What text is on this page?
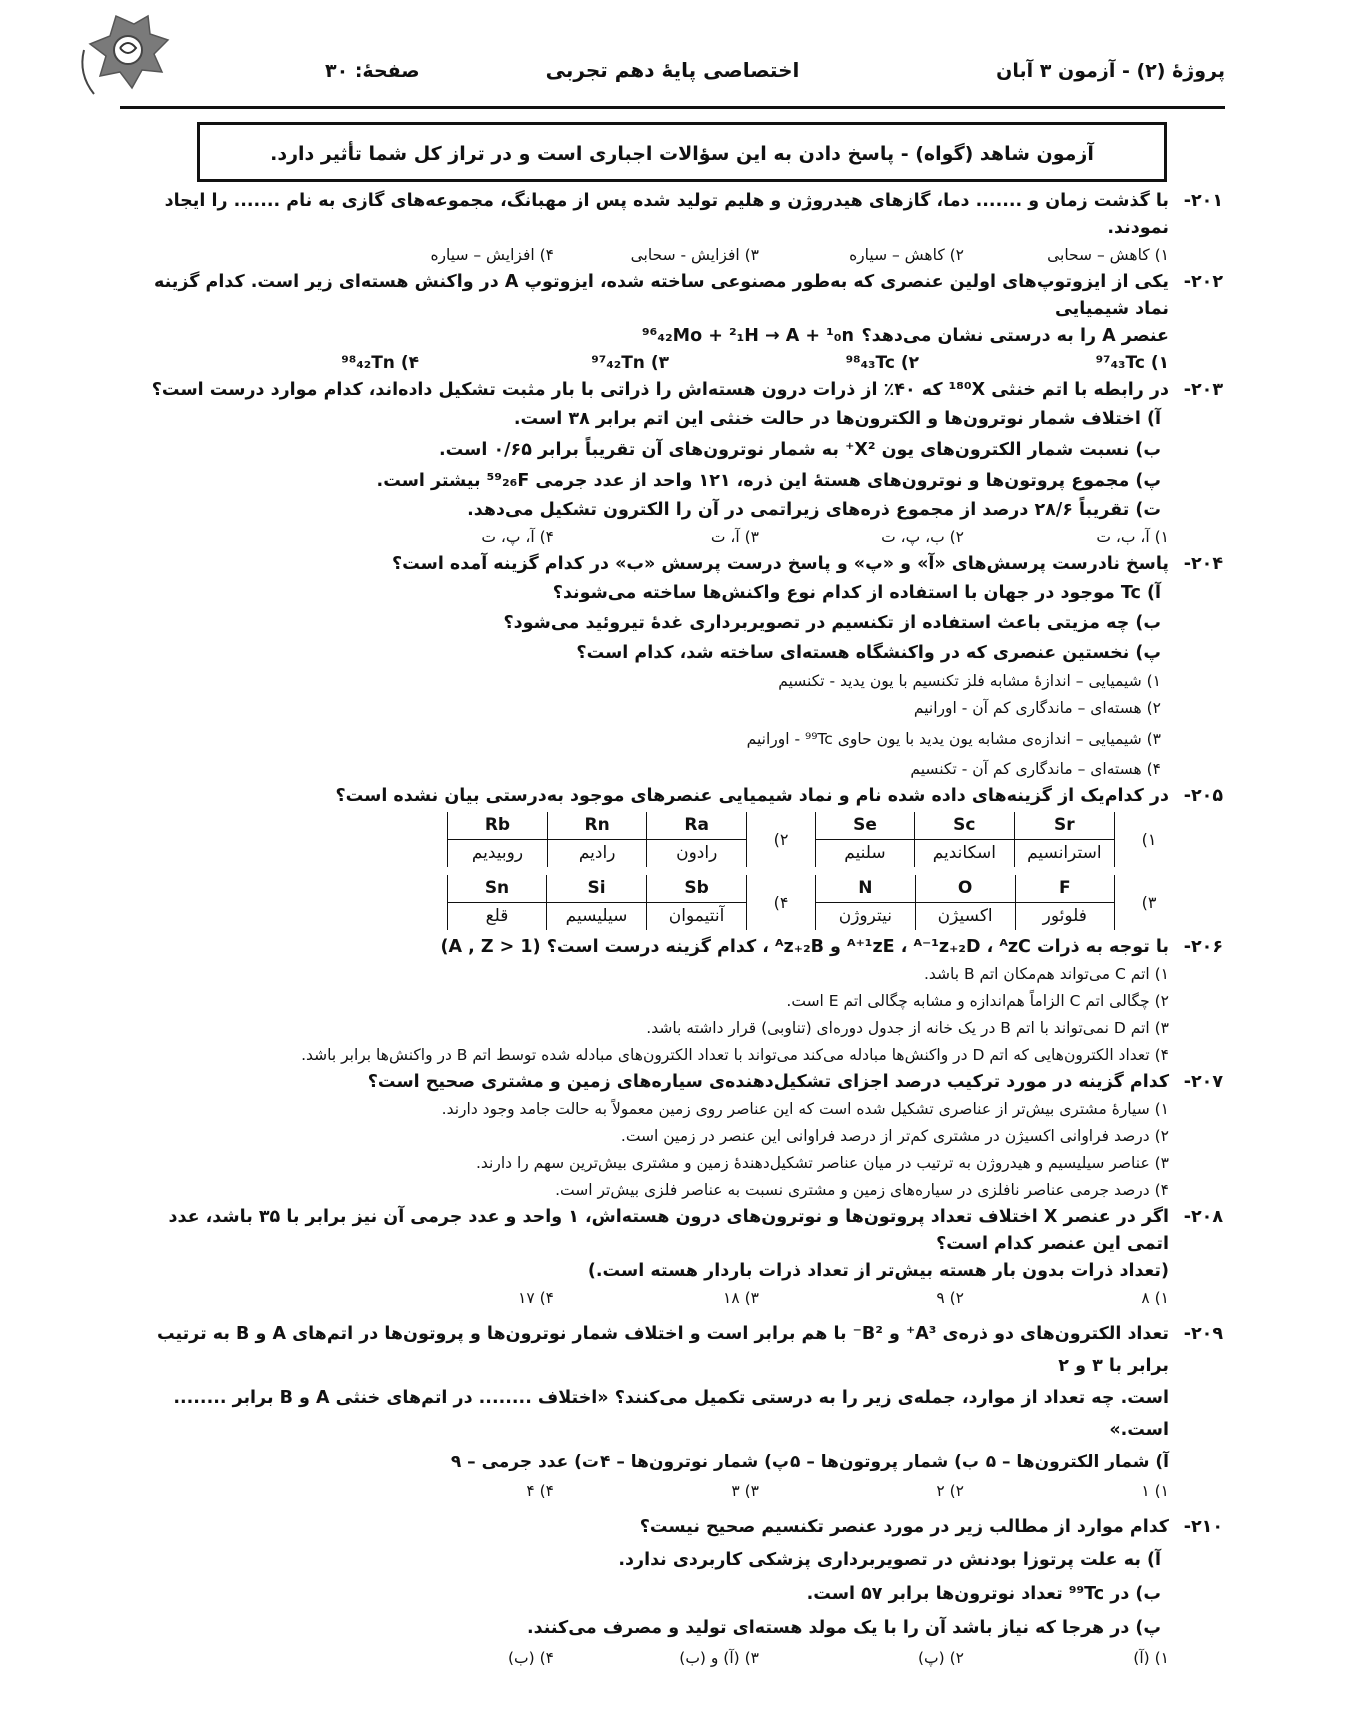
پروژهٔ (۲) - آزمون ۳ آبان
اختصاصی پایهٔ دهم تجربی
صفحهٔ: ۳۰
آزمون شاهد (گواه) - پاسخ دادن به این سؤالات اجباری است و در تراز کل شما تأثیر دارد.
۲۰۱-
با گذشت زمان و ....... دما، گازهای هیدروژن و هلیم تولید شده پس از مهبانگ، مجموعه‌های گازی به نام ....... را ایجاد نمودند.
۱) کاهش – سحابی
۲) کاهش – سیاره
۳) افزایش - سحابی
۴) افزایش – سیاره
۲۰۲-
یکی از ایزوتوپ‌های اولین عنصری که به‌طور مصنوعی ساخته شده، ایزوتوپ A در واکنش هسته‌ای زیر است. کدام گزینه نماد شیمیایی
عنصر A را به درستی نشان می‌دهد؟
⁹⁶₄₂Mo + ²₁H → A + ¹₀n
۱) ⁹⁷₄₃Tc
۲) ⁹⁸₄₃Tc
۳) ⁹⁷₄₂Tn
۴) ⁹⁸₄₂Tn
۲۰۳-
در رابطه با اتم خنثی ¹⁸⁰X که ۴۰٪ از ذرات درون هسته‌اش را ذراتی با بار مثبت تشکیل داده‌اند، کدام موارد درست است؟
آ) اختلاف شمار نوترون‌ها و الکترون‌ها در حالت خنثی این اتم برابر ۳۸ است.
ب) نسبت شمار الکترون‌های یون X²⁺ به شمار نوترون‌های آن تقریباً برابر ۰/۶۵ است.
پ) مجموع پروتون‌ها و نوترون‌های هستهٔ این ذره، ۱۲۱ واحد از عدد جرمی ⁵⁹₂₆F بیشتر است.
ت) تقریباً ۲۸/۶ درصد از مجموع ذره‌های زیراتمی در آن را الکترون تشکیل می‌دهد.
۱) آ، ب، ت
۲) ب، پ، ت
۳) آ، ت
۴) آ، پ، ت
۲۰۴-
پاسخ نادرست پرسش‌های «آ» و «پ» و پاسخ درست پرسش «ب» در کدام گزینه آمده است؟
آ) Tc موجود در جهان با استفاده از کدام نوع واکنش‌ها ساخته می‌شوند؟
ب) چه مزیتی باعث استفاده از تکنسیم در تصویربرداری غدهٔ تیروئید می‌شود؟
پ) نخستین عنصری که در واکنشگاه هسته‌ای ساخته شد، کدام است؟
۱) شیمیایی – اندازهٔ مشابه فلز تکنسیم با یون یدید - تکنسیم
۲) هسته‌ای – ماندگاری کم آن - اورانیم
۳) شیمیایی – اندازه‌ی مشابه یون یدید با یون حاوی ⁹⁹Tc - اورانیم
۴) هسته‌ای – ماندگاری کم آن - تکنسیم
۲۰۵-
در کدام‌یک از گزینه‌های داده شده نام و نماد شیمیایی عنصرهای موجود به‌درستی بیان نشده است؟
۱)
Sr	Sc	Se
استرانسیم	اسکاندیم	سلنیم
۲)
Ra	Rn	Rb
رادون	رادیم	روبیدیم
۳)
F	O	N
فلوئور	اکسیژن	نیتروژن
۴)
Sb	Si	Sn
آنتیموان	سیلیسیم	قلع
۲۰۶-
با توجه به ذرات ᴬ⁺¹ᴢE ، ᴬ⁻¹ᴢ₊₂D ، ᴬᴢC و ᴬᴢ₊₂B ، کدام گزینه درست است؟ (A , Z > 1)
۱) اتم C می‌تواند هم‌مکان اتم B باشد.
۲) چگالی اتم C الزاماً هم‌اندازه و مشابه چگالی اتم E است.
۳) اتم D نمی‌تواند با اتم B در یک خانه از جدول دوره‌ای (تناوبی) قرار داشته باشد.
۴) تعداد الکترون‌هایی که اتم D در واکنش‌ها مبادله می‌کند می‌تواند با تعداد الکترون‌های مبادله شده توسط اتم B در واکنش‌ها برابر باشد.
۲۰۷-
کدام گزینه در مورد ترکیب درصد اجزای تشکیل‌دهنده‌ی سیاره‌های زمین و مشتری صحیح است؟
۱) سیارهٔ مشتری بیش‌تر از عناصری تشکیل شده است که این عناصر روی زمین معمولاً به حالت جامد وجود دارند.
۲) درصد فراوانی اکسیژن در مشتری کم‌تر از درصد فراوانی این عنصر در زمین است.
۳) عناصر سیلیسیم و هیدروژن به ترتیب در میان عناصر تشکیل‌دهندهٔ زمین و مشتری بیش‌ترین سهم را دارند.
۴) درصد جرمی عناصر نافلزی در سیاره‌های زمین و مشتری نسبت به عناصر فلزی بیش‌تر است.
۲۰۸-
اگر در عنصر X اختلاف تعداد پروتون‌ها و نوترون‌های درون هسته‌اش، ۱ واحد و عدد جرمی آن نیز برابر با ۳۵ باشد، عدد اتمی این عنصر کدام است؟
(تعداد ذرات بدون بار هسته بیش‌تر از تعداد ذرات باردار هسته است.)
۱) ۸
۲) ۹
۳) ۱۸
۴) ۱۷
۲۰۹-
تعداد الکترون‌های دو ذره‌ی A³⁺ و B²⁻ با هم برابر است و اختلاف شمار نوترون‌ها و پروتون‌ها در اتم‌های A و B به ترتیب برابر با ۳ و ۲
است. چه تعداد از موارد، جمله‌ی زیر را به درستی تکمیل می‌کنند؟ «اختلاف ........ در اتم‌های خنثی A و B برابر ........ است.»
آ) شمار الکترون‌ها – ۵
ب) شمار پروتون‌ها – ۵
پ) شمار نوترون‌ها – ۴
ت) عدد جرمی – ۹
۱) ۱
۲) ۲
۳) ۳
۴) ۴
۲۱۰-
کدام موارد از مطالب زیر در مورد عنصر تکنسیم صحیح نیست؟
آ) به علت پرتوزا بودنش در تصویربرداری پزشکی کاربردی ندارد.
ب) در ⁹⁹Tc تعداد نوترون‌ها برابر ۵۷ است.
پ) در هرجا که نیاز باشد آن را با یک مولد هسته‌ای تولید و مصرف می‌کنند.
۱) (آ)
۲) (پ)
۳) (آ) و (ب)
۴) (ب)
